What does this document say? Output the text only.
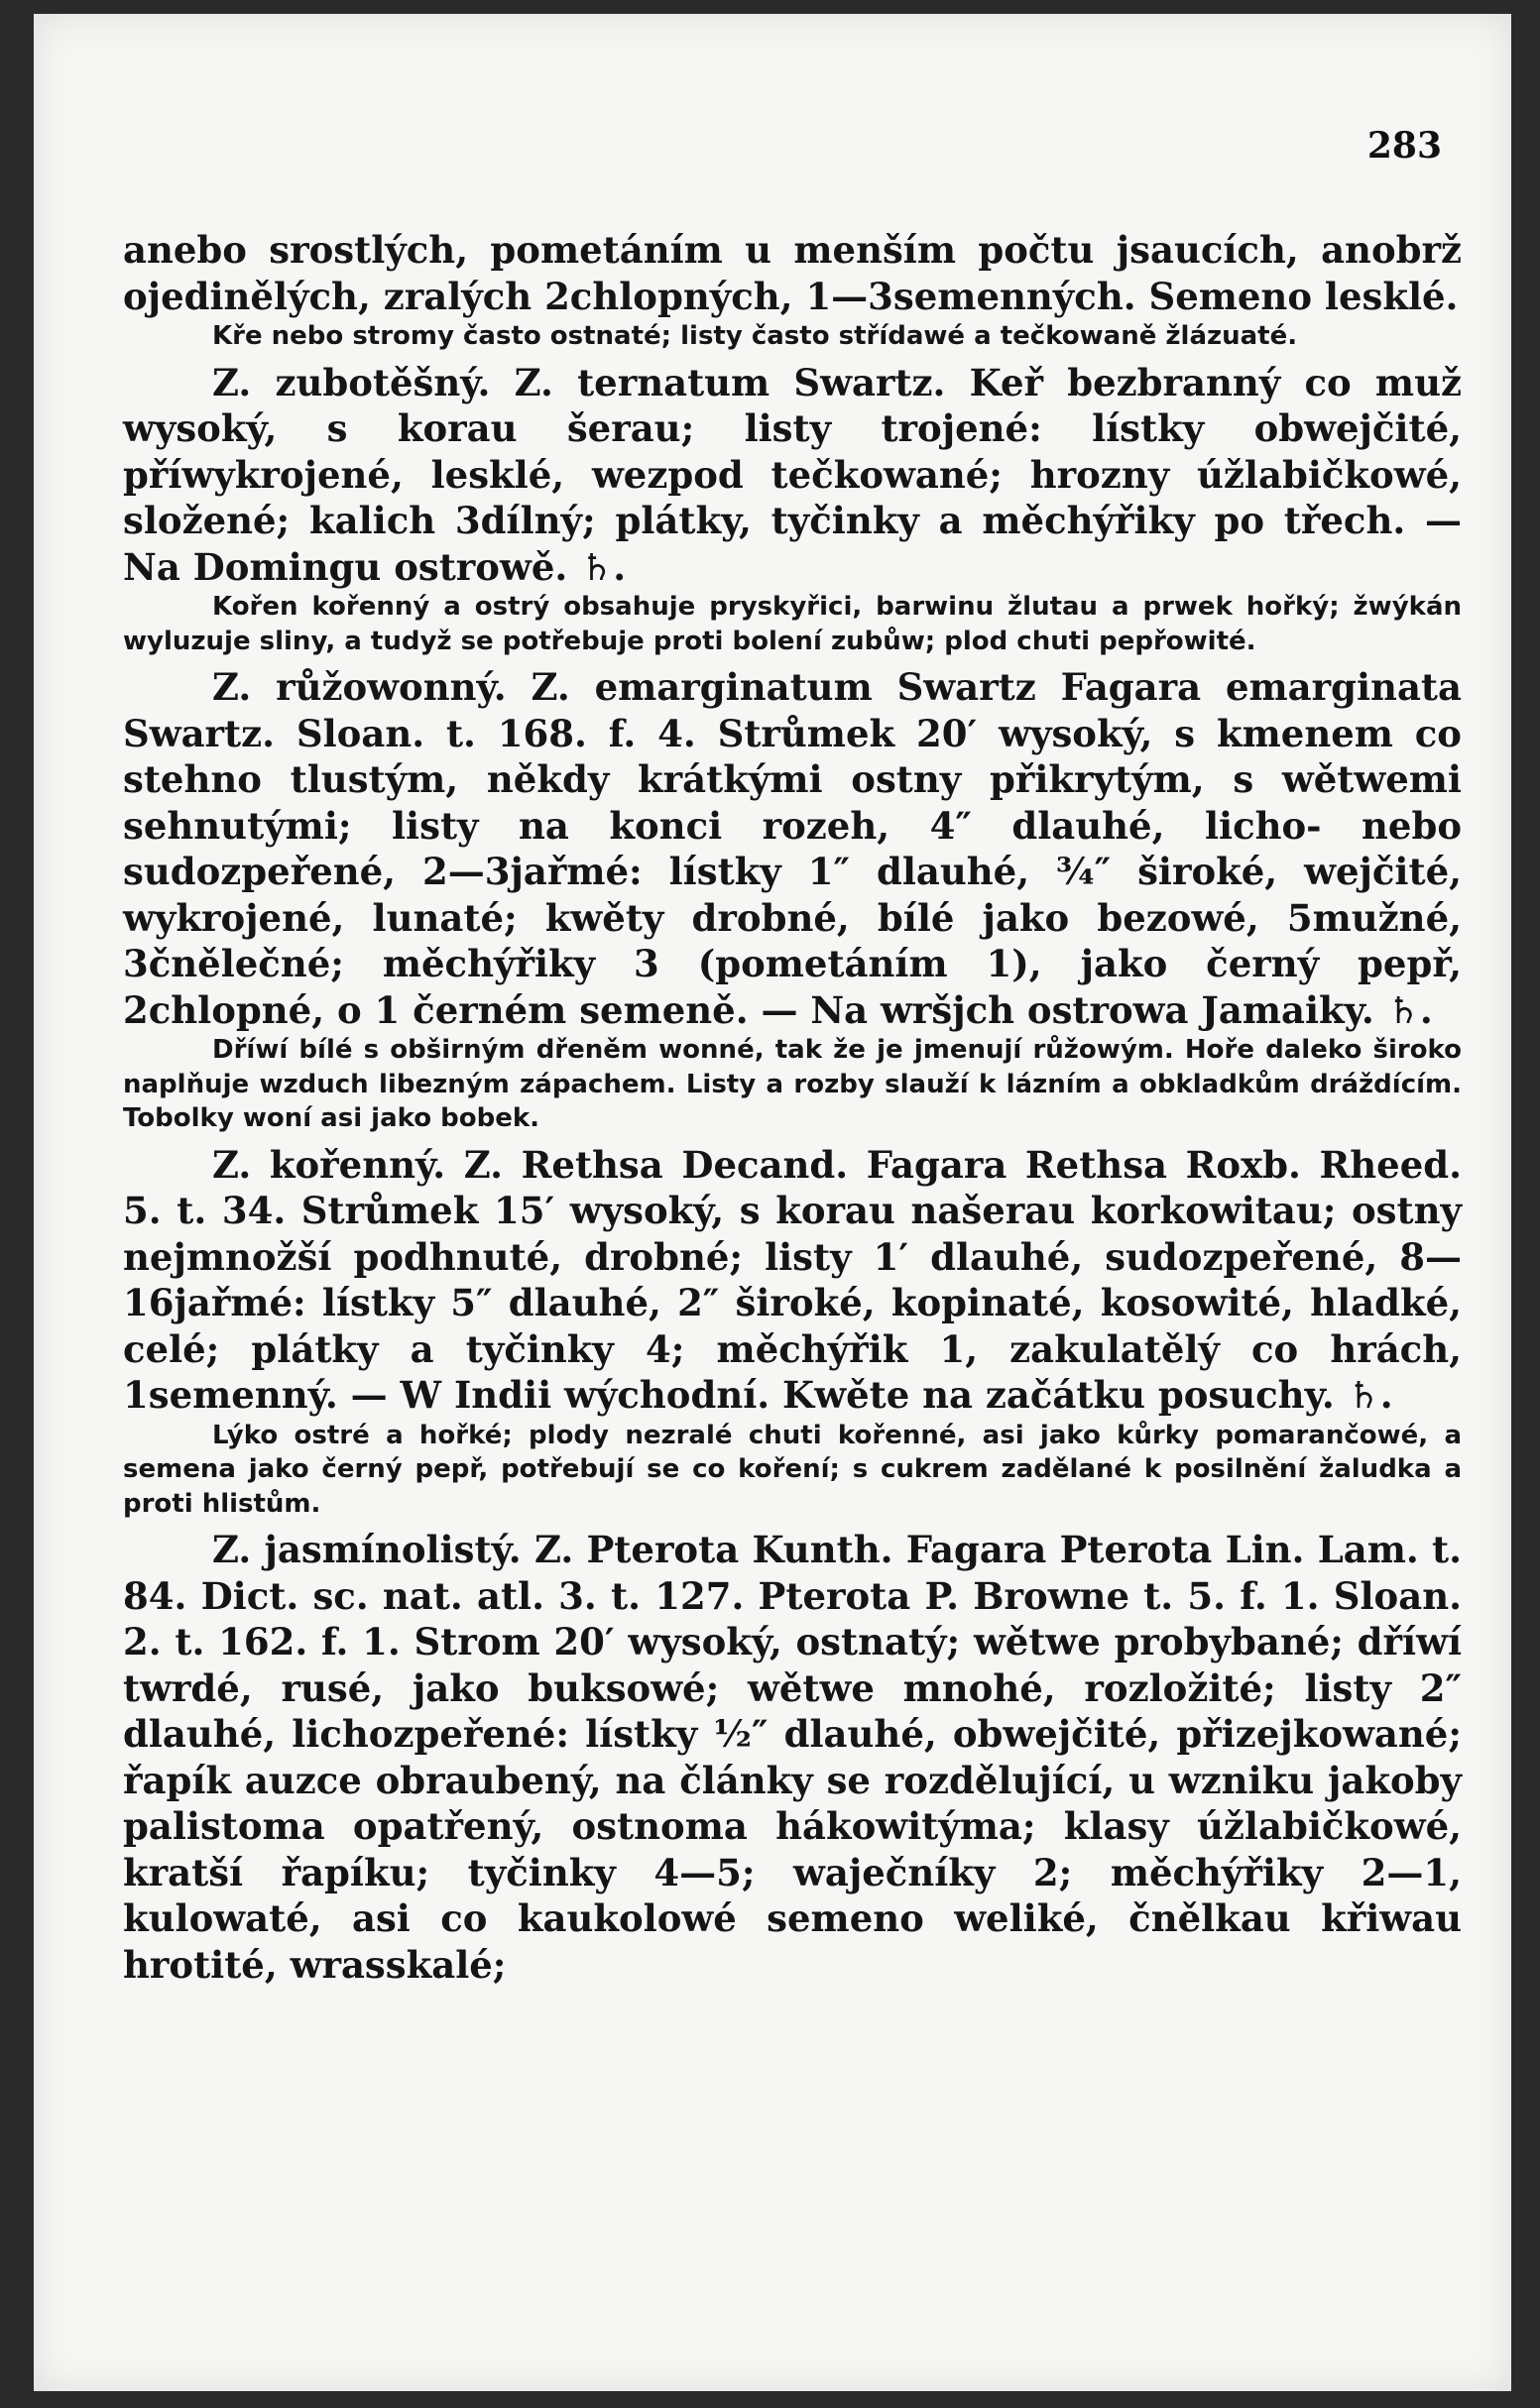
283

anebo srostlých, pometáním u menším počtu jsaucích, anobrž ojedinělých, zralých 2chlopných, 1—3semenných. Semeno lesklé.

Kře nebo stromy často ostnaté; listy často střídawé a tečkowaně žlázuaté.

Z. zubotěšný. Z. ternatum Swartz. Keř bezbranný co muž wysoký, s korau šerau; listy trojené: lístky obwejčité, příwykrojené, lesklé, wezpod tečkowané; hrozny úžlabičkowé, složené; kalich 3dílný; plátky, tyčinky a měchýřiky po třech. — Na Domingu ostrowě. ♄.

Kořen kořenný a ostrý obsahuje pryskyřici, barwinu žlutau a prwek hořký; žwýkán wyluzuje sliny, a tudyž se potřebuje proti bolení zubůw; plod chuti pepřowité.

Z. růžowonný. Z. emarginatum Swartz Fagara emarginata Swartz. Sloan. t. 168. f. 4. Strůmek 20′ wysoký, s kmenem co stehno tlustým, někdy krátkými ostny přikrytým, s wětwemi sehnutými; listy na konci rozeh, 4″ dlauhé, licho- nebo sudozpeřené, 2—3jařmé: lístky 1″ dlauhé, ¾″ široké, wejčité, wykrojené, lunaté; kwěty drobné, bílé jako bezowé, 5mužné, 3čnělečné; měchýřiky 3 (pometáním 1), jako černý pepř, 2chlopné, o 1 černém semeně. — Na wršjch ostrowa Jamaiky. ♄.

Dříwí bílé s obširným dřeněm wonné, tak že je jmenují růžowým. Hoře daleko široko naplňuje wzduch libezným zápachem. Listy a rozby slauží k lázním a obkladkům dráždícím. Tobolky woní asi jako bobek.

Z. kořenný. Z. Rethsa Decand. Fagara Rethsa Roxb. Rheed. 5. t. 34. Strůmek 15′ wysoký, s korau našerau korkowitau; ostny nejmnožší podhnuté, drobné; listy 1′ dlauhé, sudozpeřené, 8—16jařmé: lístky 5″ dlauhé, 2″ široké, kopinaté, kosowité, hladké, celé; plátky a tyčinky 4; měchýřik 1, zakulatělý co hrách, 1semenný. — W Indii wýchodní. Kwěte na začátku posuchy. ♄.

Lýko ostré a hořké; plody nezralé chuti kořenné, asi jako kůrky pomarančowé, a semena jako černý pepř, potřebují se co koření; s cukrem zadělané k posilnění žaludka a proti hlistům.

Z. jasmínolistý. Z. Pterota Kunth. Fagara Pterota Lin. Lam. t. 84. Dict. sc. nat. atl. 3. t. 127. Pterota P. Browne t. 5. f. 1. Sloan. 2. t. 162. f. 1. Strom 20′ wysoký, ostnatý; wětwe probybané; dříwí twrdé, rusé, jako buksowé; wětwe mnohé, rozložité; listy 2″ dlauhé, lichozpeřené: lístky ½″ dlauhé, obwejčité, přizejkowané; řapík auzce obraubený, na články se rozdělující, u wzniku jakoby palistoma opatřený, ostnoma hákowitýma; klasy úžlabičkowé, kratší řapíku; tyčinky 4—5; waječníky 2; měchýřiky 2—1, kulowaté, asi co kaukolowé semeno weliké, čnělkau křiwau hrotité, wrasskalé;
